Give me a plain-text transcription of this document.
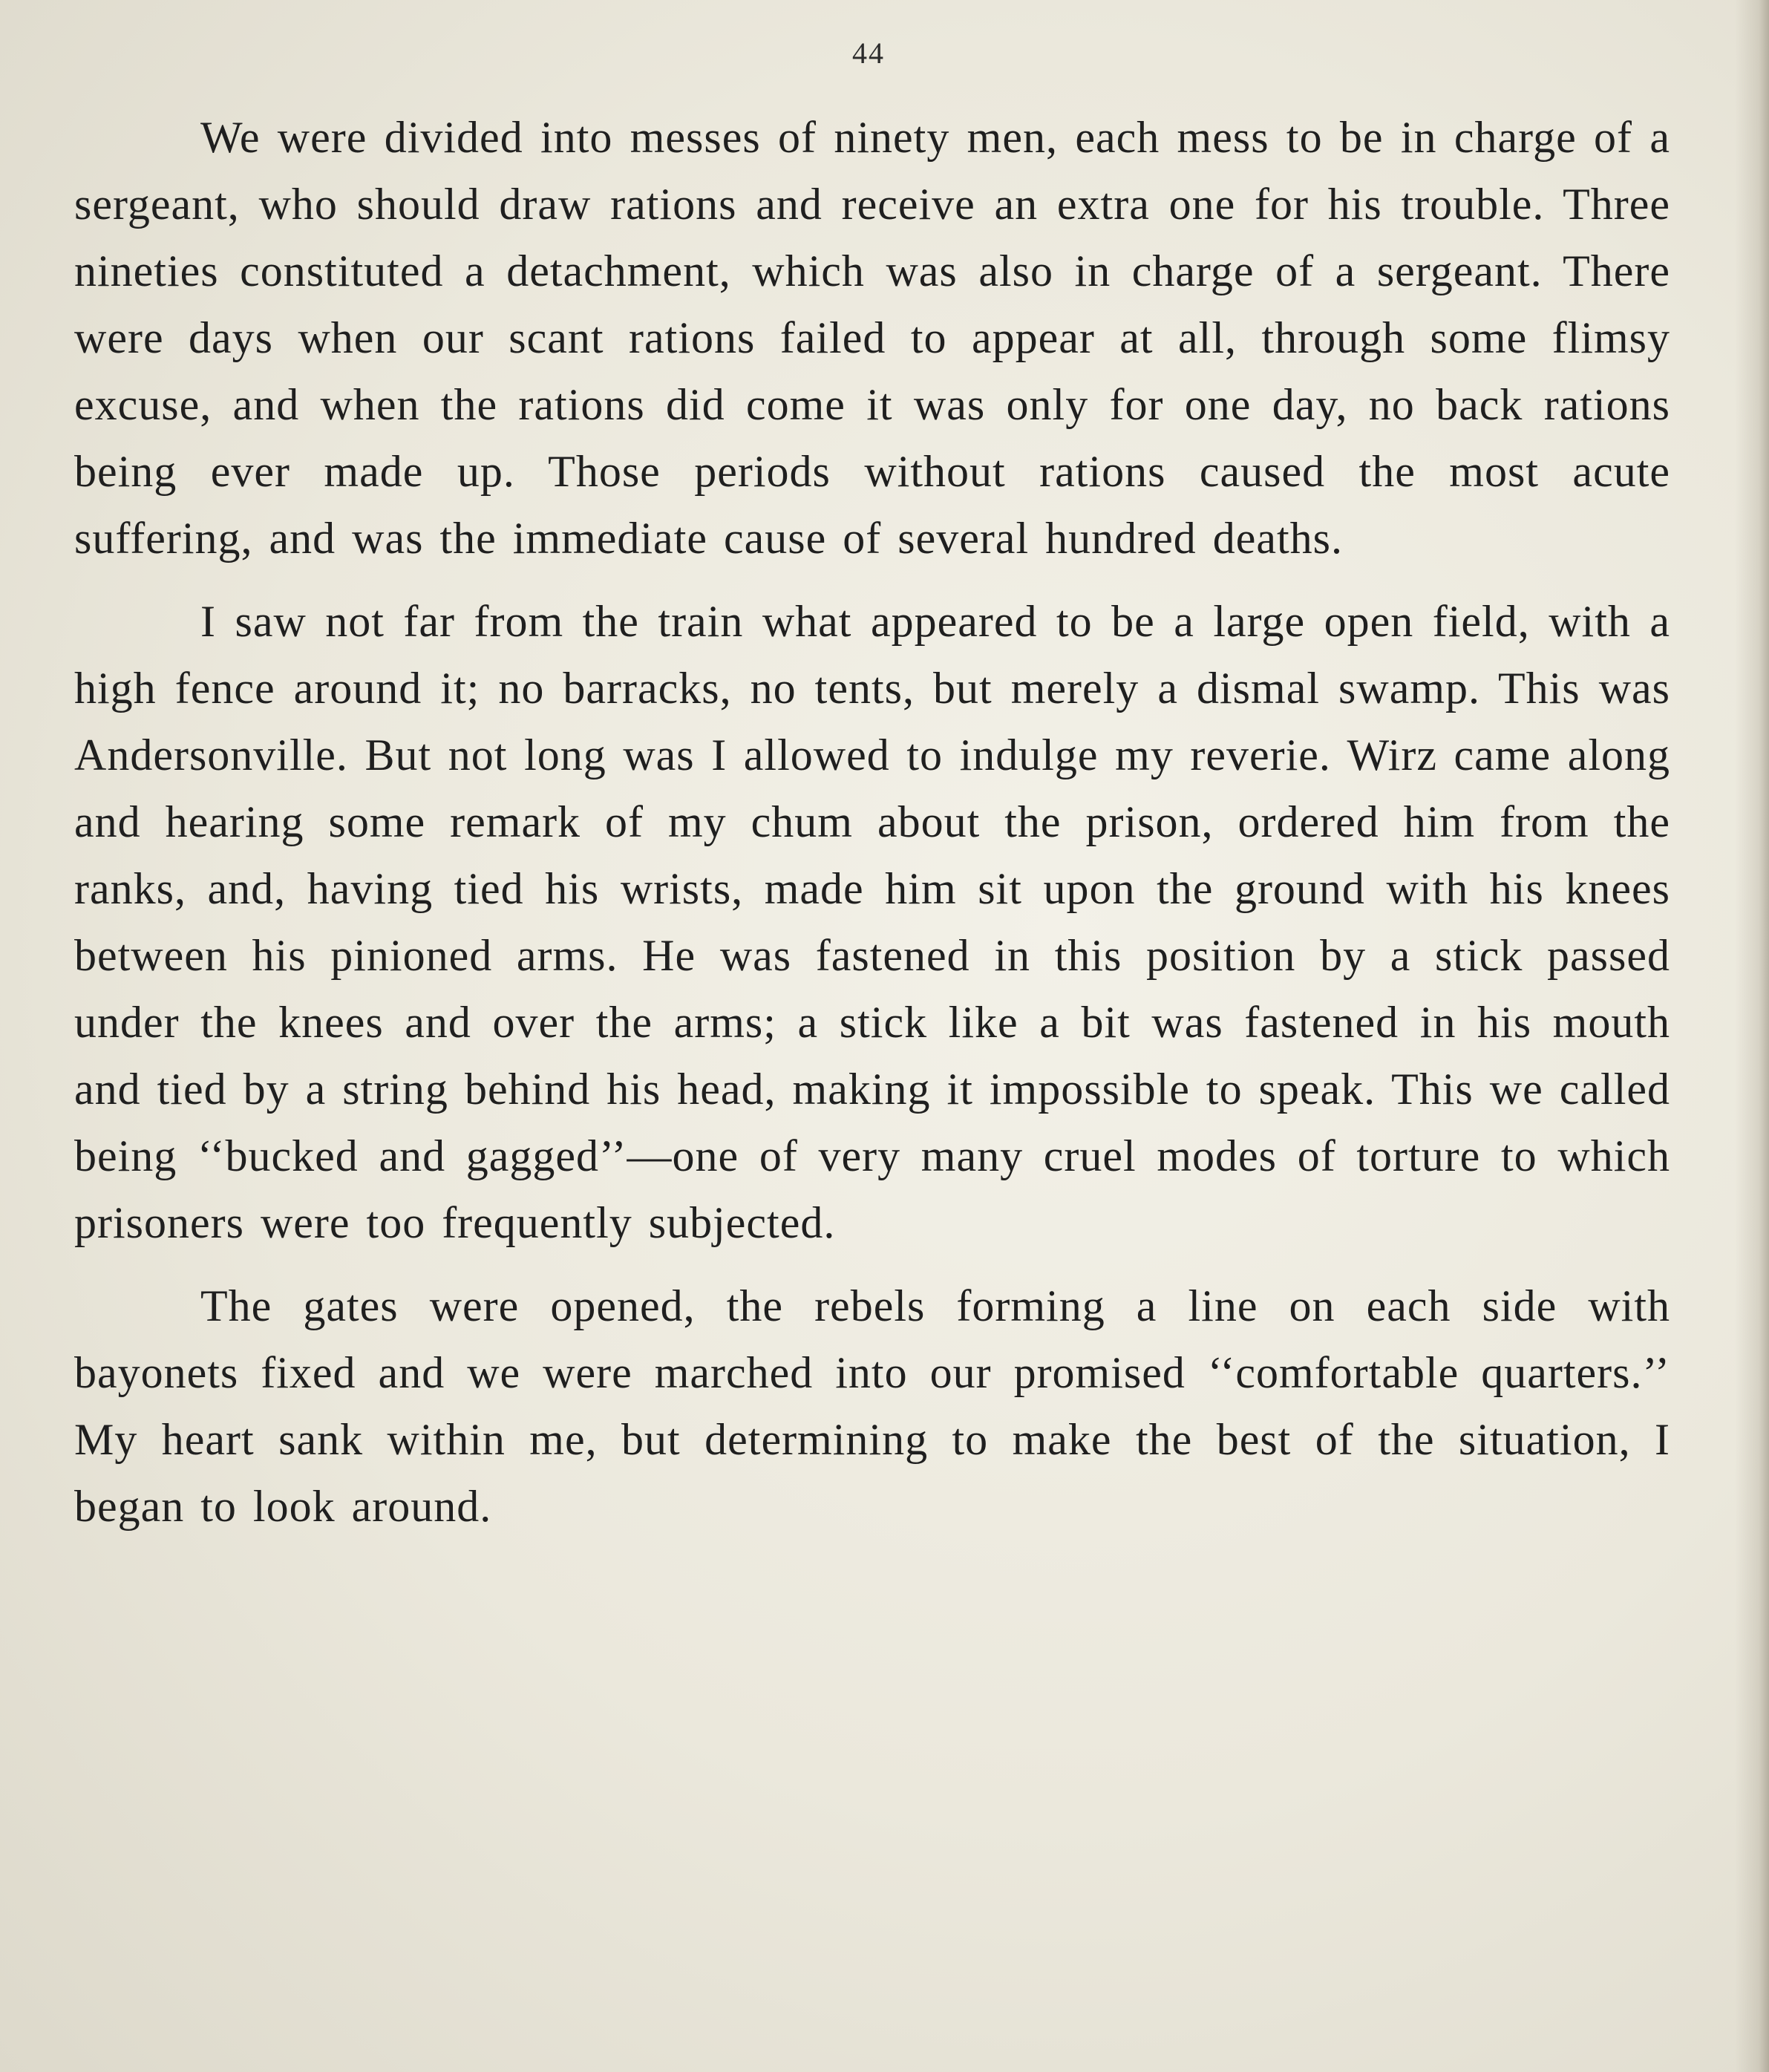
44

We were divided into messes of ninety men, each mess to be in charge of a sergeant, who should draw rations and receive an extra one for his trouble. Three nineties constituted a detachment, which was also in charge of a sergeant. There were days when our scant rations failed to appear at all, through some flimsy excuse, and when the rations did come it was only for one day, no back rations being ever made up. Those periods without rations caused the most acute suffering, and was the immediate cause of several hundred deaths.

I saw not far from the train what appeared to be a large open field, with a high fence around it; no barracks, no tents, but merely a dismal swamp. This was Andersonville. But not long was I allowed to indulge my reverie. Wirz came along and hearing some remark of my chum about the prison, ordered him from the ranks, and, having tied his wrists, made him sit upon the ground with his knees between his pinioned arms. He was fastened in this position by a stick passed under the knees and over the arms; a stick like a bit was fastened in his mouth and tied by a string behind his head, making it impossible to speak. This we called being ‘‘bucked and gagged’’—one of very many cruel modes of torture to which prisoners were too frequently subjected.

The gates were opened, the rebels forming a line on each side with bayonets fixed and we were marched into our promised ‘‘comfortable quarters.’’ My heart sank within me, but determining to make the best of the situation, I began to look around.
